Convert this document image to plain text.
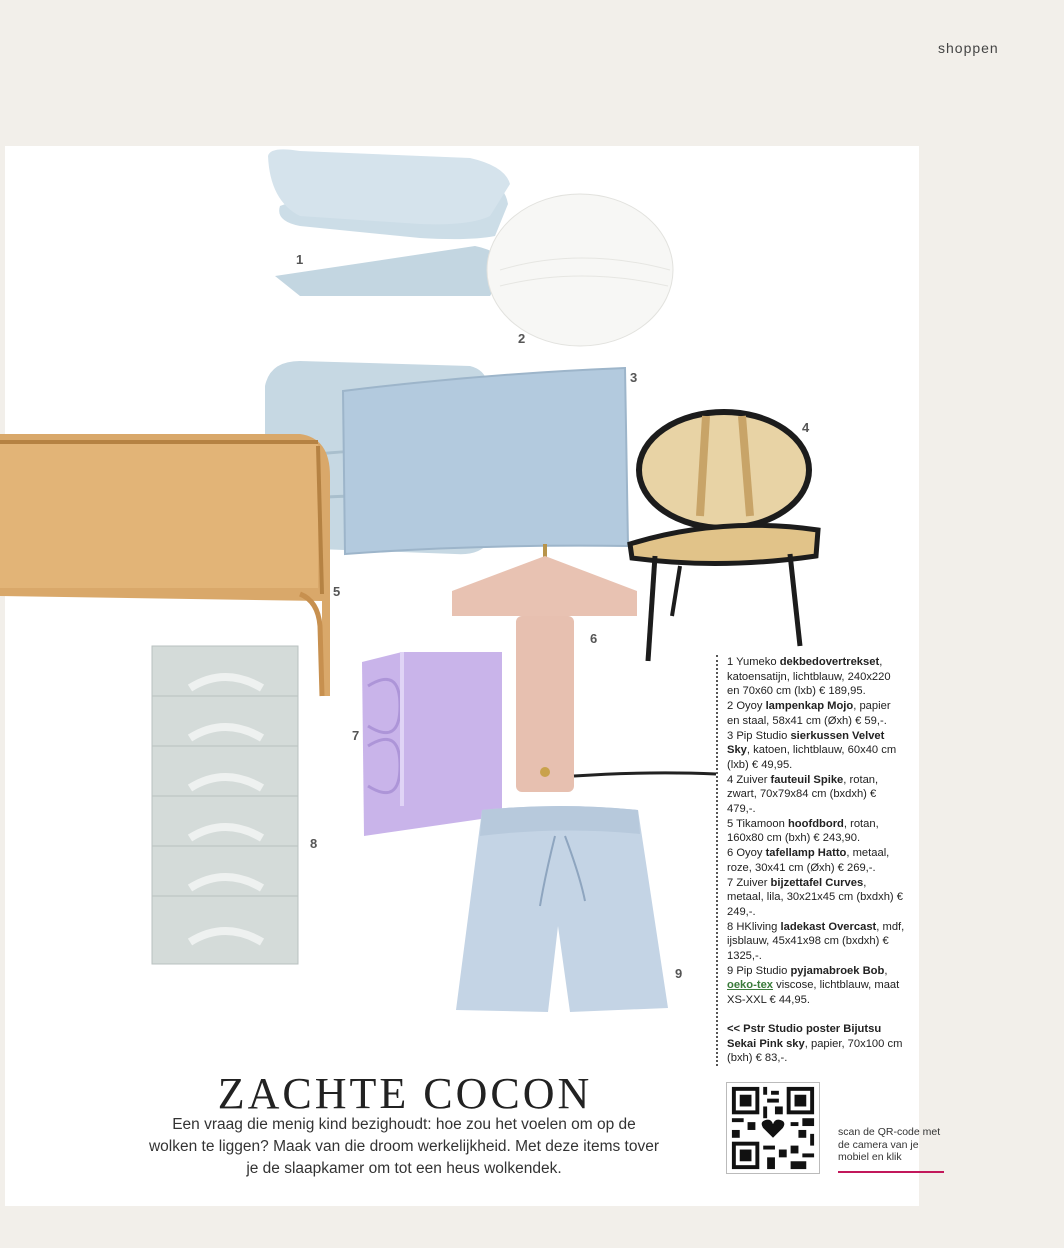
shoppen
1
2
3
4
5
6
7
8
9

1 Yumeko dekbedovertrekset, katoensatijn, lichtblauw, 240x220 en 70x60 cm (lxb) € 189,95.

2 Oyoy lampenkap Mojo, papier en staal, 58x41 cm (Øxh) € 59,-.

3 Pip Studio sierkussen Velvet Sky, katoen, lichtblauw, 60x40 cm (lxb) € 49,95.

4 Zuiver fauteuil Spike, rotan, zwart, 70x79x84 cm (bxdxh) € 479,-.

5 Tikamoon hoofdbord, rotan, 160x80 cm (bxh) € 243,90.

6 Oyoy tafellamp Hatto, metaal, roze, 30x41 cm (Øxh) € 269,-.

7 Zuiver bijzettafel Curves, metaal, lila, 30x21x45 cm (bxdxh) € 249,-.

8 HKliving ladekast Overcast, mdf, ijsblauw, 45x41x98 cm (bxdxh) € 1325,-.

9 Pip Studio pyjamabroek Bob, oeko-tex viscose, lichtblauw, maat XS-XXL € 44,95.

<< Pstr Studio poster Bijutsu Sekai Pink sky, papier, 70x100 cm (bxh) € 83,-.

ZACHTE COCON
Een vraag die menig kind bezighoudt: hoe zou het voelen om op de wolken te liggen? Maak van die droom werkelijkheid. Met deze items tover je de slaapkamer om tot een heus wolkendek.
scan de QR-code met de camera van je mobiel en klik
